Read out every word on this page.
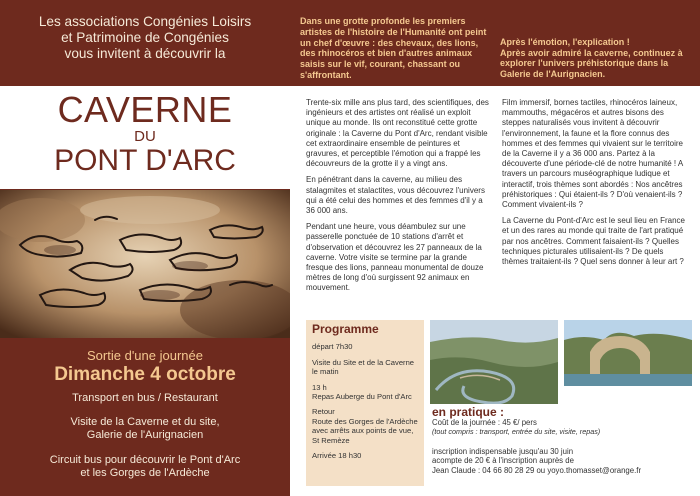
Les associations Congénies Loisirs
et Patrimoine de Congénies
vous invitent à découvrir la
CAVERNE
DU
PONT D'ARC
Sortie d'une journée
Dimanche 4 octobre
Transport en bus / Restaurant
Visite de la Caverne et du site,
Galerie de l'Aurignacien
Circuit bus pour découvrir le Pont d'Arc
et les Gorges de l'Ardèche
Dans une grotte profonde les premiers artistes de l'histoire de l'Humanité ont peint un chef d'œuvre : des chevaux, des lions, des rhinocéros et bien d'autres animaux saisis sur le vif, courant, chassant ou s'affrontant.
Après l'émotion, l'explication !
Après avoir admiré la caverne, continuez à explorer l'univers préhistorique dans la Galerie de l'Aurignacien.

Trente-six mille ans plus tard, des scientifiques, des ingénieurs et des artistes ont réalisé un exploit unique au monde. Ils ont reconstitué cette grotte originale : la Caverne du Pont d'Arc, rendant visible cet extraordinaire ensemble de peintures et gravures, et perceptible l'émotion qui a frappé les découvreurs de la grotte il y a vingt ans.

En pénétrant dans la caverne, au milieu des stalagmites et stalactites, vous découvrez l'univers qui a été celui des hommes et des femmes d'il y a 36 000 ans.

Pendant une heure, vous déambulez sur une passerelle ponctuée de 10 stations d'arrêt et d'observation et découvrez les 27 panneaux de la caverne. Votre visite se termine par la grande fresque des lions, panneau monumental de douze mètres de long d'où surgissent 92 animaux en mouvement.

Film immersif, bornes tactiles, rhinocéros laineux, mammouths, mégacéros et autres bisons des steppes naturalisés vous invitent à découvrir l'environnement, la faune et la flore connus des hommes et des femmes qui vivaient sur le territoire de la Caverne il y a 36 000 ans. Partez à la découverte d'une période-clé de notre humanité ! A travers un parcours muséographique ludique et interactif, trois thèmes sont abordés : Nos ancêtres préhistoriques : Qui étaient-ils ? D'où venaient-ils ? Comment vivaient-ils ?

La Caverne du Pont-d'Arc est le seul lieu en France et un des rares au monde qui traite de l'art pratiqué par nos ancêtres. Comment faisaient-ils ? Quelles techniques picturales utilisaient-ils ? De quels thèmes traitaient-ils ? Quel sens donner à leur art ?

Programme
départ 7h30
Visite du Site et de la Caverne le matin
13 h
Repas Auberge du Pont d'Arc
Retour
Route des Gorges de l'Ardèche
avec arrêts aux points de vue, St Remèze
Arrivée 18 h30
en pratique :
Coût de la journée : 45 €/ pers
(tout compris : transport, entrée du site, visite, repas)
inscription indispensable jusqu'au 30 juin
acompte de 20 € à l'inscription auprès de
Jean Claude : 04 66 80 28 29 ou yoyo.thomasset@orange.fr
